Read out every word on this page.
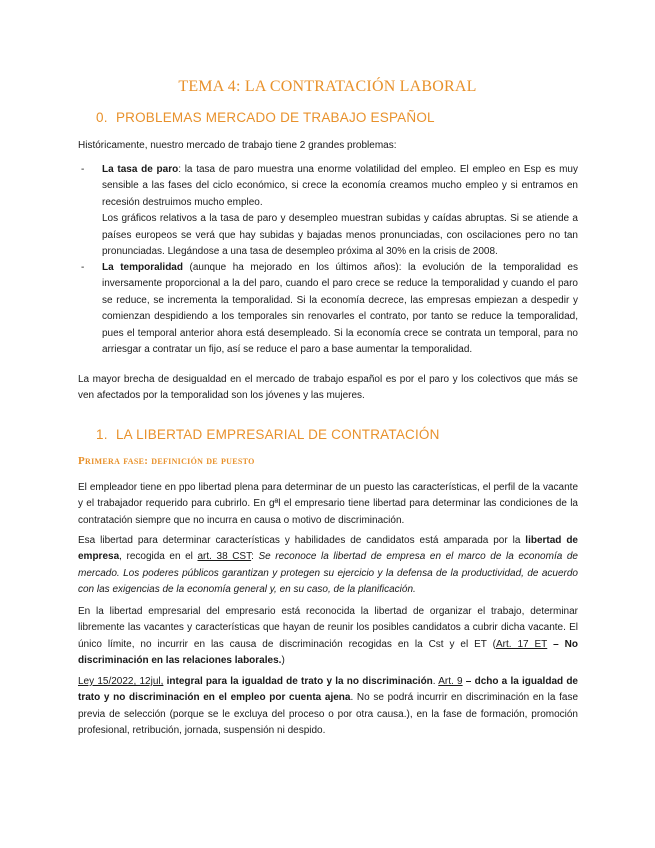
TEMA 4: LA CONTRATACIÓN LABORAL
0. PROBLEMAS MERCADO DE TRABAJO ESPAÑOL
Históricamente, nuestro mercado de trabajo tiene 2 grandes problemas:
- La tasa de paro: la tasa de paro muestra una enorme volatilidad del empleo. El empleo en Esp es muy sensible a las fases del ciclo económico, si crece la economía creamos mucho empleo y si entramos en recesión destruimos mucho empleo.
Los gráficos relativos a la tasa de paro y desempleo muestran subidas y caídas abruptas. Si se atiende a países europeos se verá que hay subidas y bajadas menos pronunciadas, con oscilaciones pero no tan pronunciadas. Llegándose a una tasa de desempleo próxima al 30% en la crisis de 2008.
- La temporalidad (aunque ha mejorado en los últimos años): la evolución de la temporalidad es inversamente proporcional a la del paro, cuando el paro crece se reduce la temporalidad y cuando el paro se reduce, se incrementa la temporalidad. Si la economía decrece, las empresas empiezan a despedir y comienzan despidiendo a los temporales sin renovarles el contrato, por tanto se reduce la temporalidad, pues el temporal anterior ahora está desempleado. Si la economía crece se contrata un temporal, para no arriesgar a contratar un fijo, así se reduce el paro a base aumentar la temporalidad.
La mayor brecha de desigualdad en el mercado de trabajo español es por el paro y los colectivos que más se ven afectados por la temporalidad son los jóvenes y las mujeres.
1. LA LIBERTAD EMPRESARIAL DE CONTRATACIÓN
Primera fase: definición de puesto
El empleador tiene en ppo libertad plena para determinar de un puesto las características, el perfil de la vacante y el trabajador requerido para cubrirlo. En gªl el empresario tiene libertad para determinar las condiciones de la contratación siempre que no incurra en causa o motivo de discriminación.
Esa libertad para determinar características y habilidades de candidatos está amparada por la libertad de empresa, recogida en el art. 38 CST: Se reconoce la libertad de empresa en el marco de la economía de mercado. Los poderes públicos garantizan y protegen su ejercicio y la defensa de la productividad, de acuerdo con las exigencias de la economía general y, en su caso, de la planificación.
En la libertad empresarial del empresario está reconocida la libertad de organizar el trabajo, determinar libremente las vacantes y características que hayan de reunir los posibles candidatos a cubrir dicha vacante. El único límite, no incurrir en las causa de discriminación recogidas en la Cst y el ET (Art. 17 ET – No discriminación en las relaciones laborales.)
Ley 15/2022, 12jul, integral para la igualdad de trato y la no discriminación. Art. 9 – dcho a la igualdad de trato y no discriminación en el empleo por cuenta ajena. No se podrá incurrir en discriminación en la fase previa de selección (porque se le excluya del proceso o por otra causa.), en la fase de formación, promoción profesional, retribución, jornada, suspensión ni despido.
